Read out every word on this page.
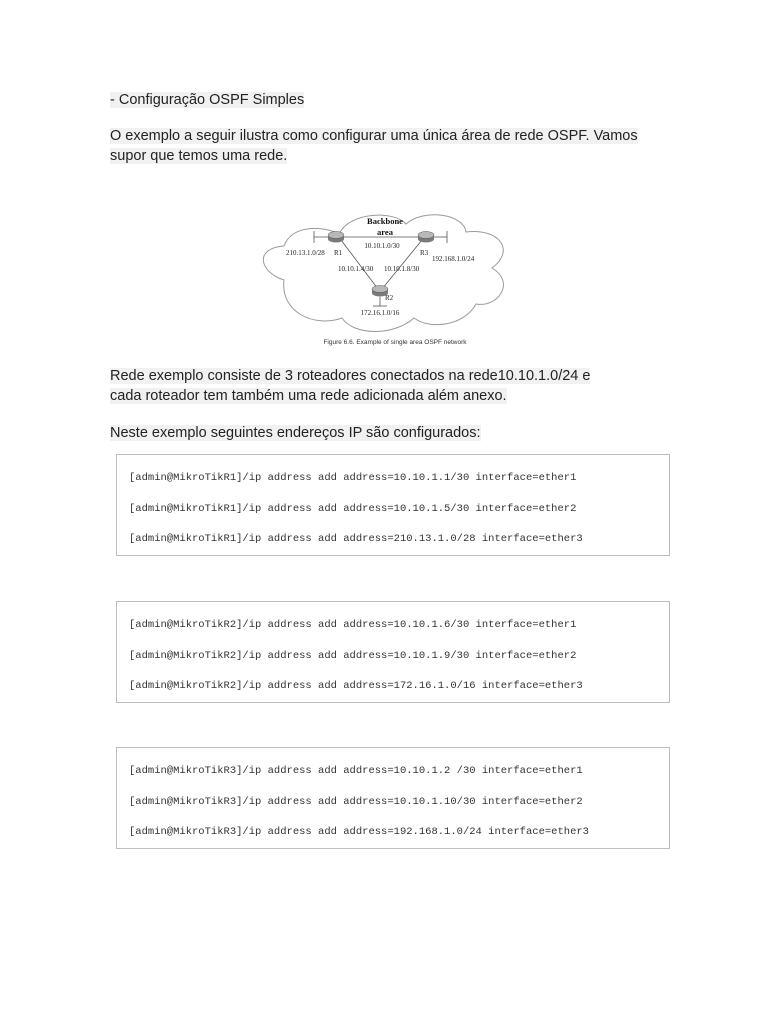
- Configuração OSPF Simples
O exemplo a seguir ilustra como configurar uma única área de rede OSPF. Vamos
supor que temos uma rede.
Backbone
area
10.10.1.0/30
210.13.1.0/28 R1	R3
192.168.1.0/24
10.10.1.4/30 10.10.1.8/30
R2
172.16.1.0/16
Figure 6.6. Example of single area OSPF network
Rede exemplo consiste de 3 roteadores conectados na rede10.10.1.0/24 e
cada roteador tem também uma rede adicionada além anexo.
Neste exemplo seguintes endereços IP são configurados:
[admin@MikroTikR1]/ip address add address=10.10.1.1/30 interface=ether1
[admin@MikroTikR1]/ip address add address=10.10.1.5/30 interface=ether2
[admin@MikroTikR1]/ip address add address=210.13.1.0/28 interface=ether3
[admin@MikroTikR2]/ip address add address=10.10.1.6/30 interface=ether1
[admin@MikroTikR2]/ip address add address=10.10.1.9/30 interface=ether2
[admin@MikroTikR2]/ip address add address=172.16.1.0/16 interface=ether3
[admin@MikroTikR3]/ip address add address=10.10.1.2 /30 interface=ether1
[admin@MikroTikR3]/ip address add address=10.10.1.10/30 interface=ether2
[admin@MikroTikR3]/ip address add address=192.168.1.0/24 interface=ether3
